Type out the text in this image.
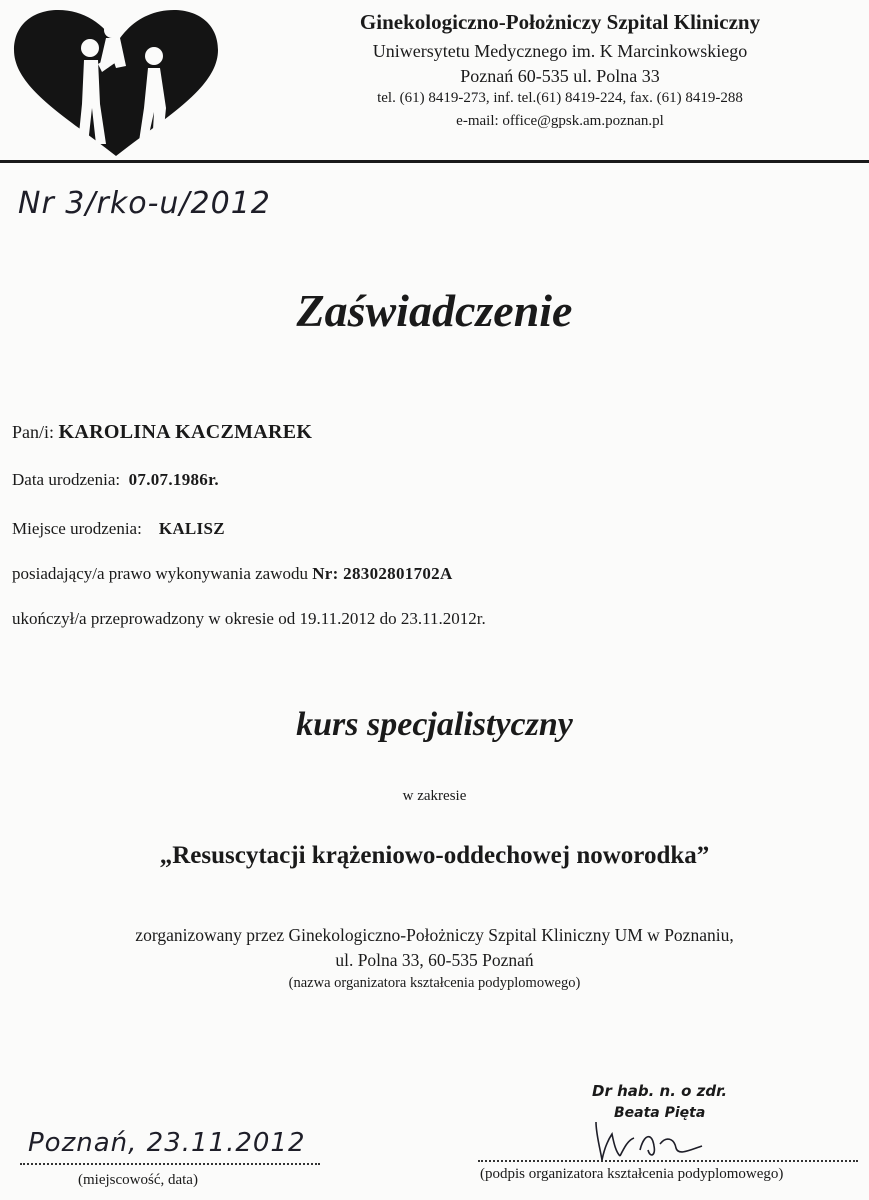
Ginekologiczno-Położniczy Szpital Kliniczny
Uniwersytetu Medycznego im. K Marcinkowskiego
Poznań 60-535 ul. Polna 33
tel. (61) 8419-273, inf. tel.(61) 8419-224, fax. (61) 8419-288
e-mail: office@gpsk.am.poznan.pl
Nr 3/rko-u/2012
Zaświadczenie
Pan/i: KAROLINA KACZMAREK
Data urodzenia: 07.07.1986r.
Miejsce urodzenia: KALISZ
posiadający/a prawo wykonywania zawodu Nr: 28302801702A
ukończył/a przeprowadzony w okresie od 19.11.2012 do 23.11.2012r.
kurs specjalistyczny
w zakresie
„Resuscytacji krążeniowo-oddechowej noworodka”
zorganizowany przez Ginekologiczno-Położniczy Szpital Kliniczny UM w Poznaniu,
ul. Polna 33, 60-535 Poznań
(nazwa organizatora kształcenia podyplomowego)
Dr hab. n. o zdr.
Beata Pięta
Poznań, 23.11.2012
(miejscowość, data)	(podpis organizatora kształcenia podyplomowego)
